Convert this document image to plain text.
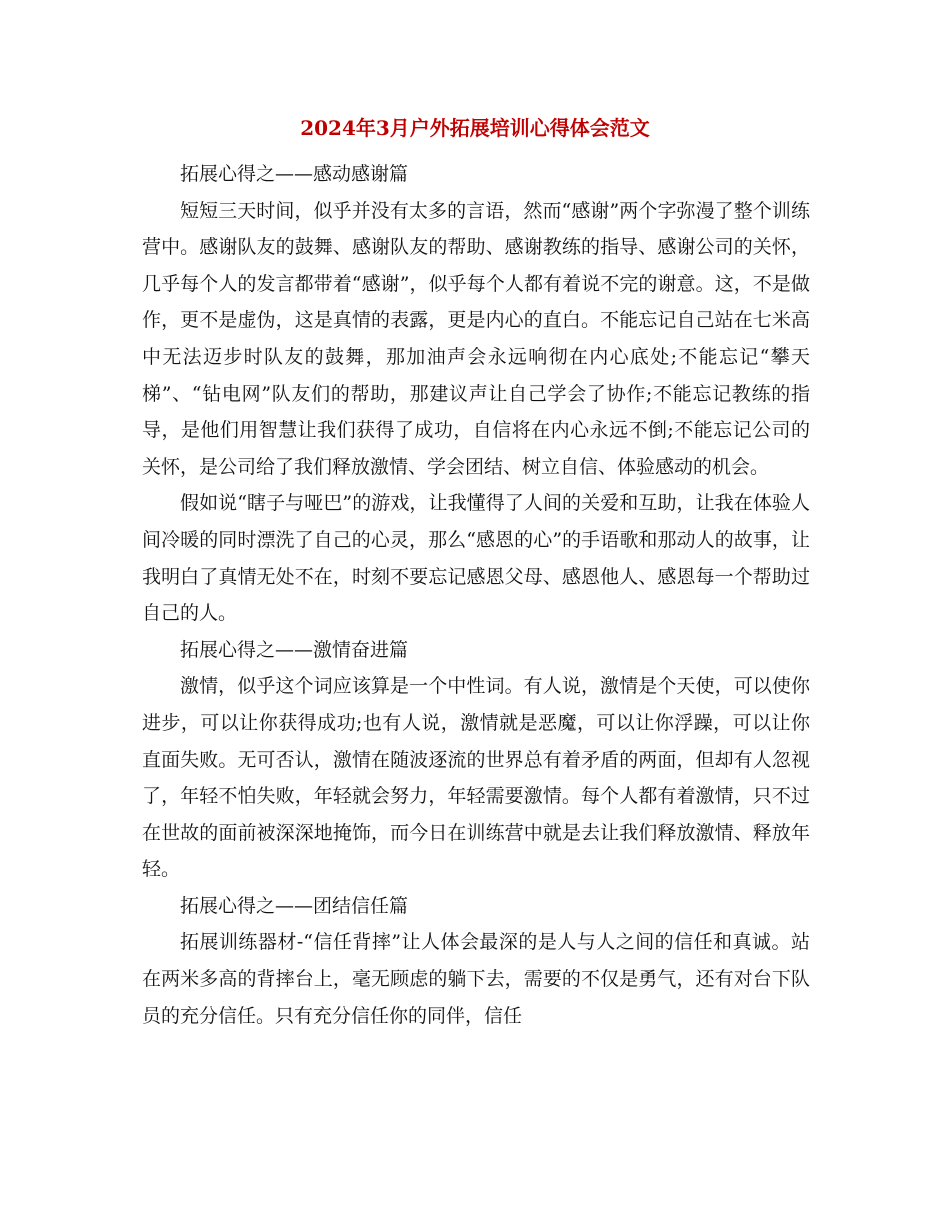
2024年3月户外拓展培训心得体会范文
拓展心得之——感动感谢篇

短短三天时间，似乎并没有太多的言语，然而“感谢”两个字弥漫了整个训练营中。感谢队友的鼓舞、感谢队友的帮助、感谢教练的指导、感谢公司的关怀，几乎每个人的发言都带着“感谢”，似乎每个人都有着说不完的谢意。这，不是做作，更不是虚伪，这是真情的表露，更是内心的直白。不能忘记自己站在七米高中无法迈步时队友的鼓舞，那加油声会永远响彻在内心底处;不能忘记“攀天梯”、“钻电网”队友们的帮助，那建议声让自己学会了协作;不能忘记教练的指导，是他们用智慧让我们获得了成功，自信将在内心永远不倒;不能忘记公司的关怀，是公司给了我们释放激情、学会团结、树立自信、体验感动的机会。

假如说“瞎子与哑巴”的游戏，让我懂得了人间的关爱和互助，让我在体验人间冷暖的同时漂洗了自己的心灵，那么“感恩的心”的手语歌和那动人的故事，让我明白了真情无处不在，时刻不要忘记感恩父母、感恩他人、感恩每一个帮助过自己的人。

拓展心得之——激情奋进篇

激情，似乎这个词应该算是一个中性词。有人说，激情是个天使，可以使你进步，可以让你获得成功;也有人说，激情就是恶魔，可以让你浮躁，可以让你直面失败。无可否认，激情在随波逐流的世界总有着矛盾的两面，但却有人忽视了，年轻不怕失败，年轻就会努力，年轻需要激情。每个人都有着激情，只不过在世故的面前被深深地掩饰，而今日在训练营中就是去让我们释放激情、释放年轻。

拓展心得之——团结信任篇

拓展训练器材-“信任背摔”让人体会最深的是人与人之间的信任和真诚。站在两米多高的背摔台上，毫无顾虑的躺下去，需要的不仅是勇气，还有对台下队员的充分信任。只有充分信任你的同伴，信任
